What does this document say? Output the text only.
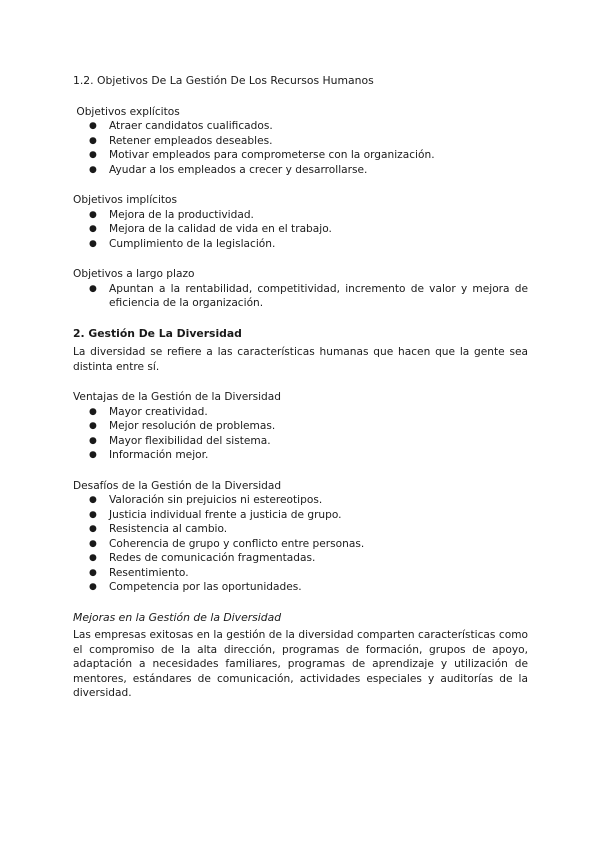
1.2. Objetivos De La Gestión De Los Recursos Humanos

Objetivos explícitos

● Atraer candidatos cualificados.
● Retener empleados deseables.
● Motivar empleados para comprometerse con la organización.
● Ayudar a los empleados a crecer y desarrollarse.

Objetivos implícitos

● Mejora de la productividad.
● Mejora de la calidad de vida en el trabajo.
● Cumplimiento de la legislación.

Objetivos a largo plazo

● Apuntan a la rentabilidad, competitividad, incremento de valor y mejora de eficiencia de la organización.

2. Gestión De La Diversidad

La diversidad se refiere a las características humanas que hacen que la gente sea distinta entre sí.

Ventajas de la Gestión de la Diversidad

● Mayor creatividad.
● Mejor resolución de problemas.
● Mayor flexibilidad del sistema.
● Información mejor.

Desafíos de la Gestión de la Diversidad

● Valoración sin prejuicios ni estereotipos.
● Justicia individual frente a justicia de grupo.
● Resistencia al cambio.
● Coherencia de grupo y conflicto entre personas.
● Redes de comunicación fragmentadas.
● Resentimiento.
● Competencia por las oportunidades.

Mejoras en la Gestión de la Diversidad

Las empresas exitosas en la gestión de la diversidad comparten características como el compromiso de la alta dirección, programas de formación, grupos de apoyo, adaptación a necesidades familiares, programas de aprendizaje y utilización de mentores, estándares de comunicación, actividades especiales y auditorías de la diversidad.
